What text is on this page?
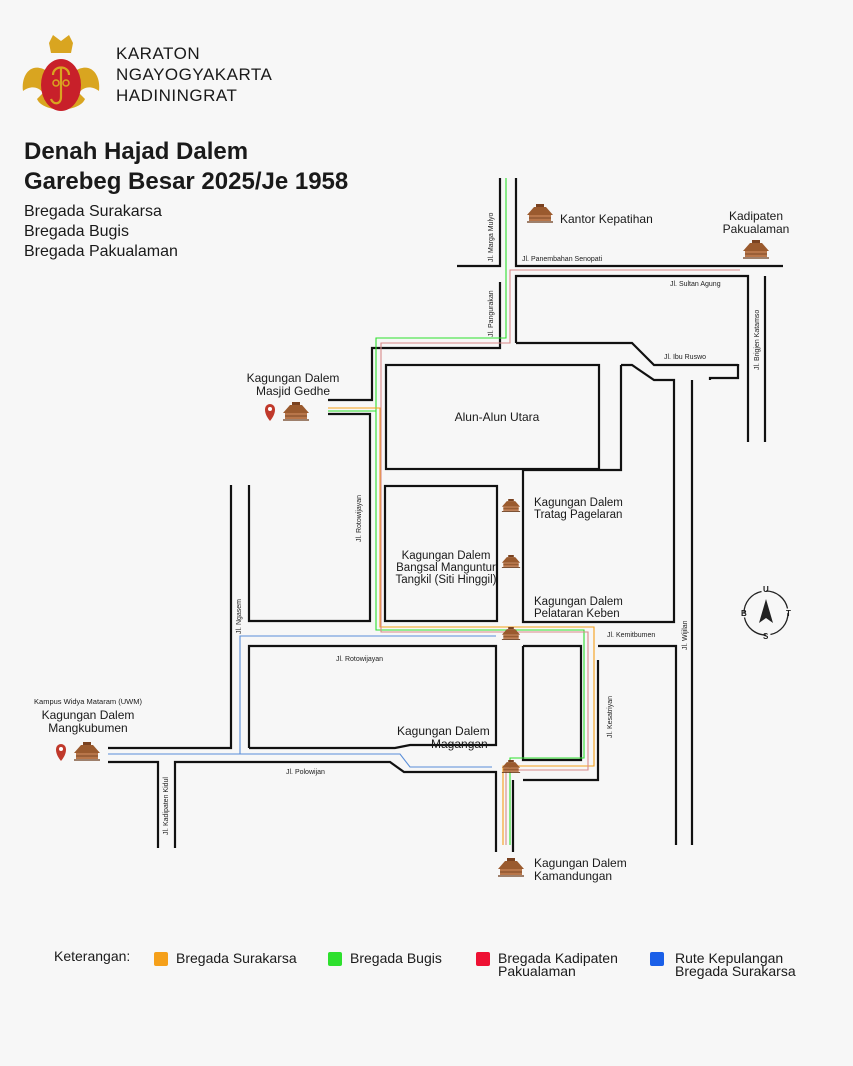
KARATON
NGAYOGYAKARTA
HADININGRAT
Denah Hajad Dalem
Garebeg Besar 2025/Je 1958
Bregada Surakarsa
Bregada Bugis
Bregada Pakualaman
Kantor Kepatihan	Kadipaten
Pakualaman
Kagungan Dalem
Masjid Gedhe
Alun-Alun Utara
Kagungan Dalem
Tratag Pagelaran
Kagungan Dalem
Bangsal Manguntur
Tangkil (Siti Hinggil)
Kagungan Dalem
Pelataran Keben
Kampus Widya Mataram (UWM)
Kagungan Dalem
Mangkubumen	Kagungan Dalem
Magangan
Kagungan Dalem
Kamandungan
Jl. Marga Mulyo	Jl. Panembahan Senopati
Jl. Sultan Agung
Jl. Pangurakan	Jl. Brigjen Katamso
Jl. Ibu Ruswo
Jl. Rotowijayan
Jl. Ngasem
Jl. Rotowijayan
Jl. Kemitbumen	Jl. Wijilan
Jl. Kesatriyan
Jl. Polowijan
Jl. Kadipaten Kidul
U
B	T
S
Keterangan:	Bregada Surakarsa	Bregada Bugis	Bregada Kadipaten
Pakualaman
Rute Kepulangan
Bregada Surakarsa
